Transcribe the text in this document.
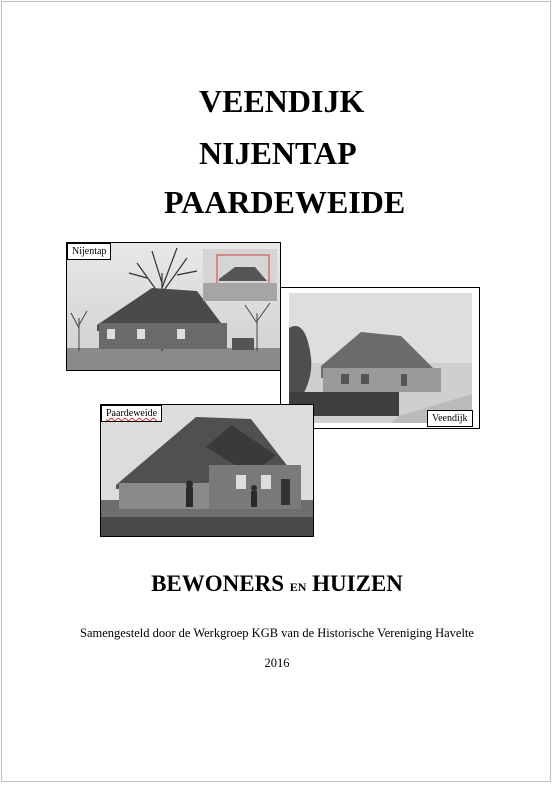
VEENDIJK
NIJENTAP
PAARDEWEIDE
Nijentap
Veendijk
Paardeweide
BEWONERS EN HUIZEN
Samengesteld door de Werkgroep KGB van de Historische Vereniging Havelte
2016
